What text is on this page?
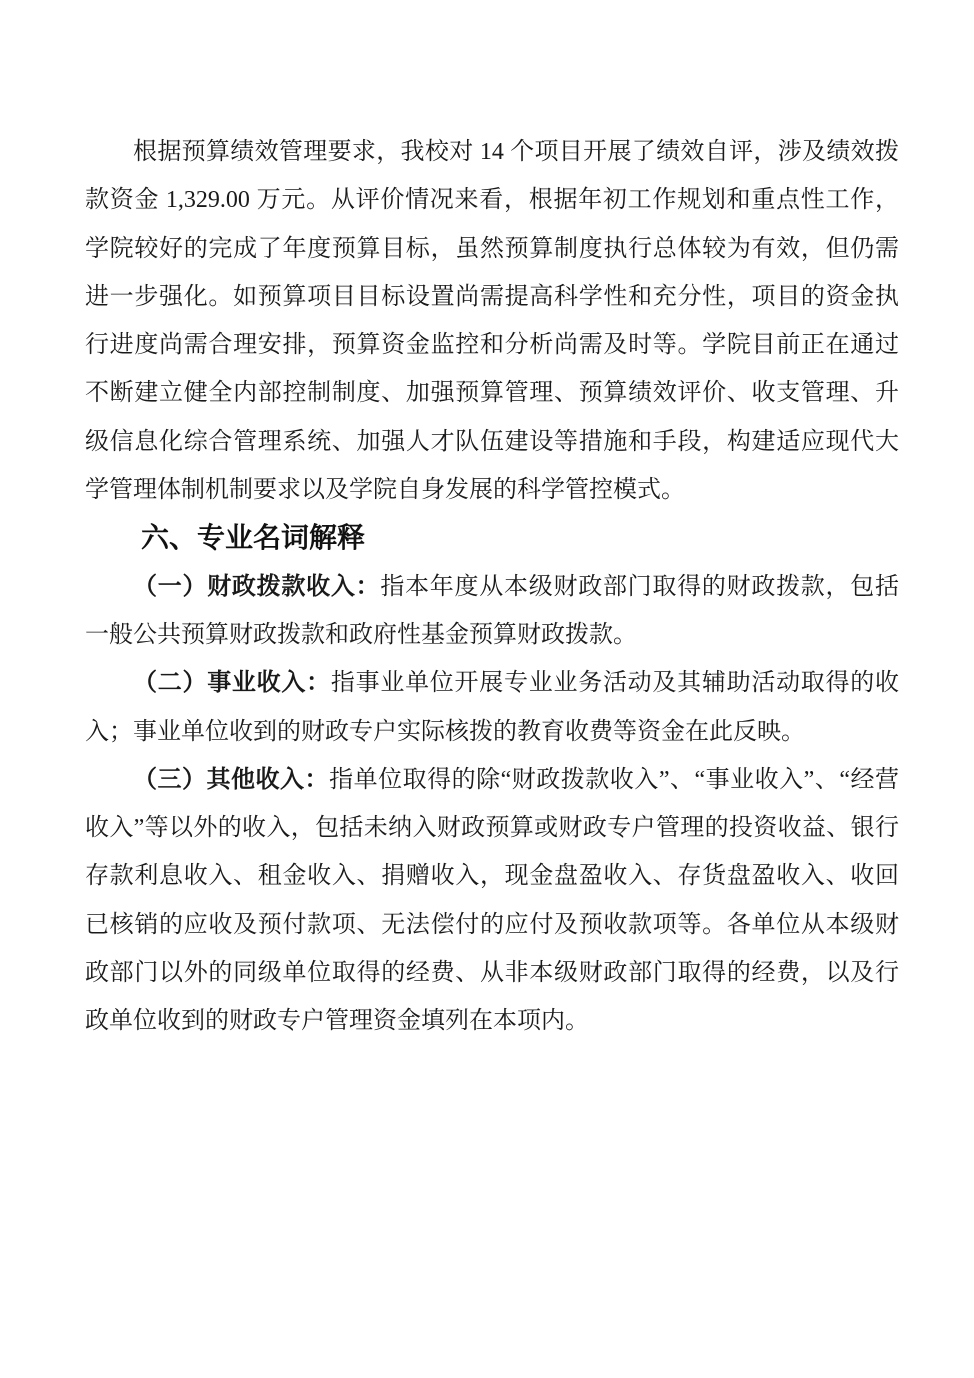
根据预算绩效管理要求，我校对 14 个项目开展了绩效自评，涉及绩效拨款资金 1,329.00 万元。从评价情况来看，根据年初工作规划和重点性工作，学院较好的完成了年度预算目标，虽然预算制度执行总体较为有效，但仍需进一步强化。如预算项目目标设置尚需提高科学性和充分性，项目的资金执行进度尚需合理安排，预算资金监控和分析尚需及时等。学院目前正在通过不断建立健全内部控制制度、加强预算管理、预算绩效评价、收支管理、升级信息化综合管理系统、加强人才队伍建设等措施和手段，构建适应现代大学管理体制机制要求以及学院自身发展的科学管控模式。

六、专业名词解释

（一）财政拨款收入：指本年度从本级财政部门取得的财政拨款，包括一般公共预算财政拨款和政府性基金预算财政拨款。

（二）事业收入：指事业单位开展专业业务活动及其辅助活动取得的收入；事业单位收到的财政专户实际核拨的教育收费等资金在此反映。

（三）其他收入：指单位取得的除“财政拨款收入”、“事业收入”、“经营收入”等以外的收入，包括未纳入财政预算或财政专户管理的投资收益、银行存款利息收入、租金收入、捐赠收入，现金盘盈收入、存货盘盈收入、收回已核销的应收及预付款项、无法偿付的应付及预收款项等。各单位从本级财政部门以外的同级单位取得的经费、从非本级财政部门取得的经费，以及行政单位收到的财政专户管理资金填列在本项内。
